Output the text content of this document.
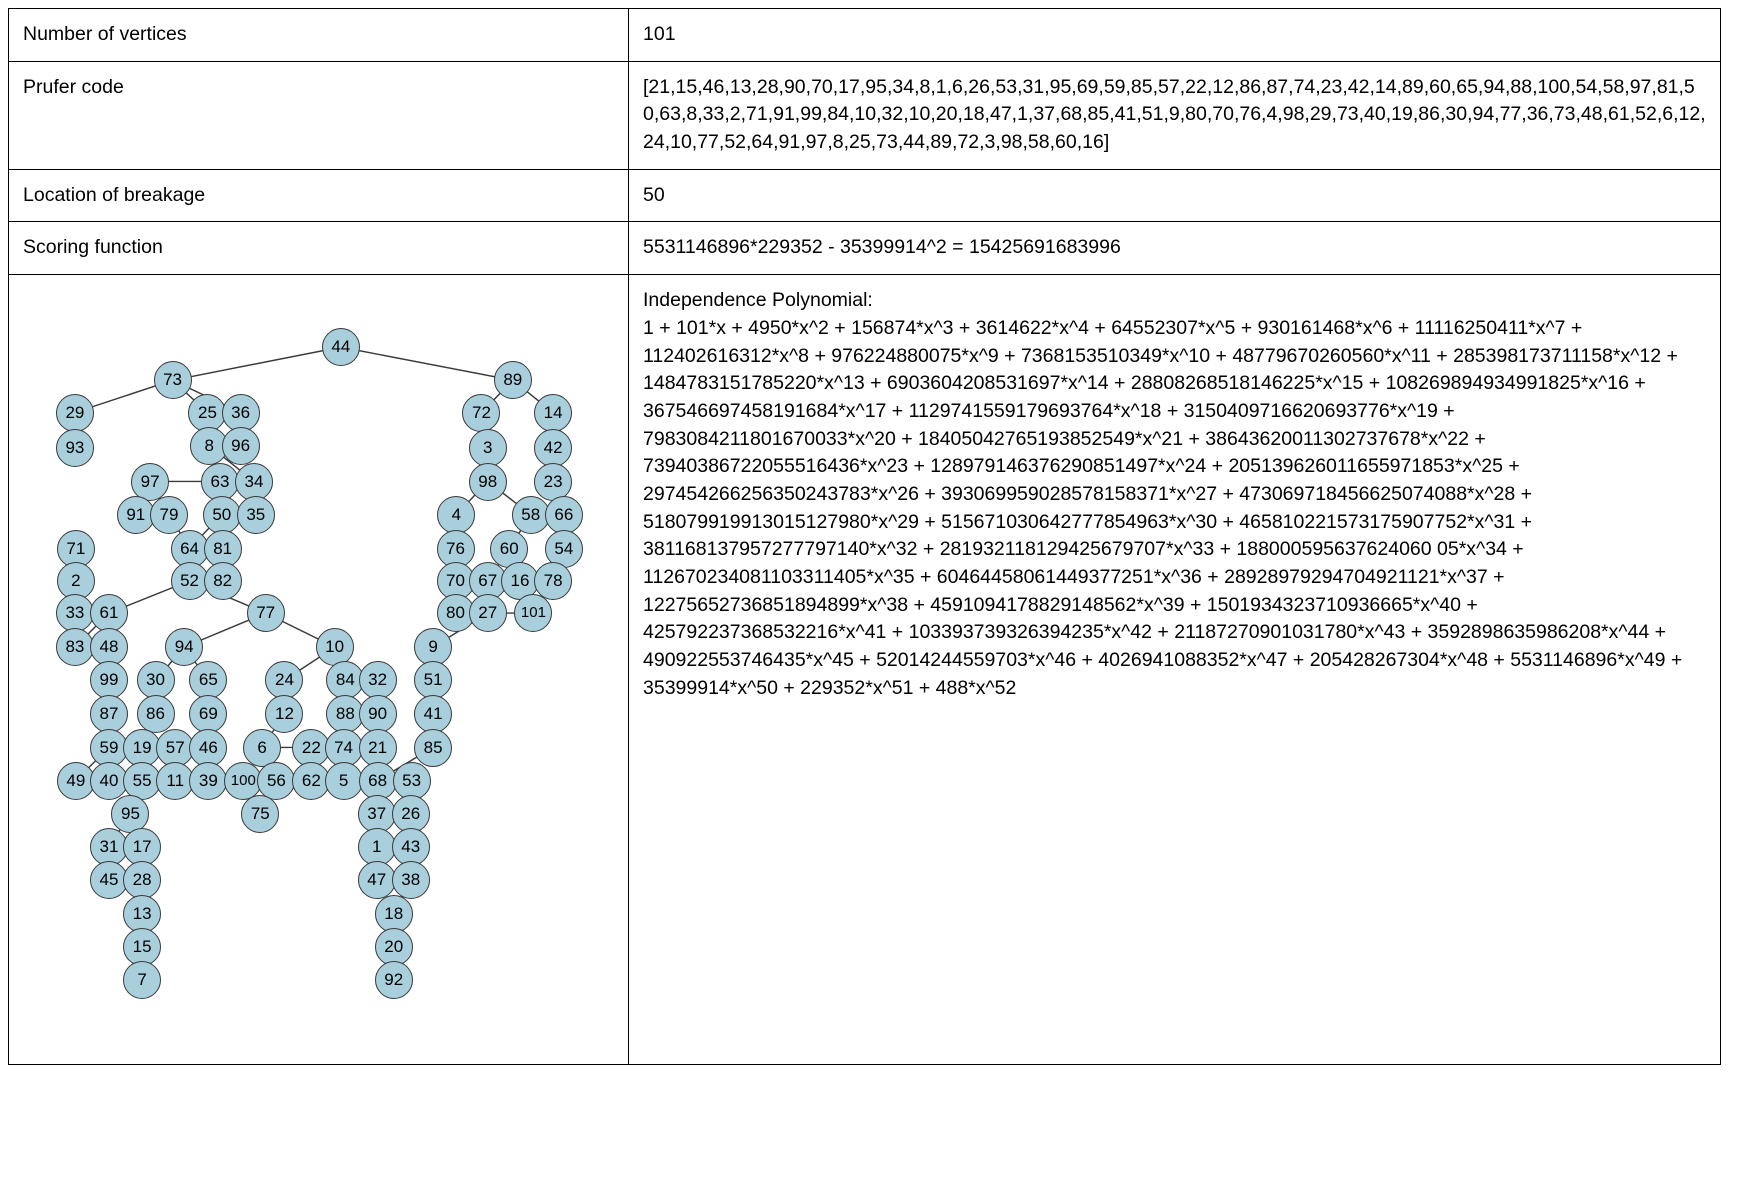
Number of vertices	101
Prufer code	[21,15,46,13,28,90,70,17,95,34,8,1,6,26,53,31,95,69,59,85,57,22,12,86,87,74,23,42,14,89,60,65,94,88,100,54,58,97,81,50,63,8,33,2,71,91,99,84,10,32,10,20,18,47,1,37,68,85,41,51,9,80,70,76,4,98,29,73,40,19,86,30,94,77,36,73,48,61,52,6,12,24,10,77,52,64,91,97,8,25,73,44,89,72,3,98,58,60,16]
Location of breakage	50
Scoring function	5531146896*229352 - 35399914^2 = 15425691683996

44
73	89
29	25 36	72	14
93	8	96	3	42
97	63 34	98	23
91 79	50 35	58 66
71	64 81
4
76	60	54
2	52 82	70 67 16 78
33 61	77	80 27	101
83 48	94	10	9
99	30	65	24	84 32	51
87	86	69	12	88 90	41
59 19 57 46	6	22 74 21	85
49 40 55 11 39 100 56 62	5	68 53
95	75	37 26
31 17	1	43
45 28	47 38
13	18
15	20
7	92

Independence Polynomial:
1 + 101*x + 4950*x^2 + 156874*x^3 + 3614622*x^4 + 64552307*x^5 + 930161468*x^6 + 11116250411*x^7 + 112402616312*x^8 + 976224880075*x^9 + 7368153510349*x^10 + 48779670260560*x^11 + 285398173711158*x^12 + 1484783151785220*x^13 + 6903604208531697*x^14 + 28808268518146225*x^15 + 108269894934991825*x^16 + 367546697458191684*x^17 + 1129741559179693764*x^18 + 3150409716620693776*x^19 + 7983084211801670033*x^20 + 18405042765193852549*x^21 + 38643620011302737678*x^22 + 73940386722055516436*x^23 + 128979146376290851497*x^24 + 205139626011655971853*x^25 + 297454266256350243783*x^26 + 393069959028578158371*x^27 + 473069718456625074088*x^28 + 518079919913015127980*x^29 + 515671030642777854963*x^30 + 465810221573175907752*x^31 + 381168137957277797140*x^32 + 281932118129425679707*x^33 + 188000595637624060 05*x^34 + 112670234081103311405*x^35 + 60464458061449377251*x^36 + 28928979294704921121*x^37 + 12275652736851894899*x^38 + 4591094178829148562*x^39 + 1501934323710936665*x^40 + 425792237368532216*x^41 + 103393739326394235*x^42 + 21187270901031780*x^43 + 3592898635986208*x^44 + 490922553746435*x^45 + 52014244559703*x^46 + 4026941088352*x^47 + 205428267304*x^48 + 5531146896*x^49 + 35399914*x^50 + 229352*x^51 + 488*x^52
